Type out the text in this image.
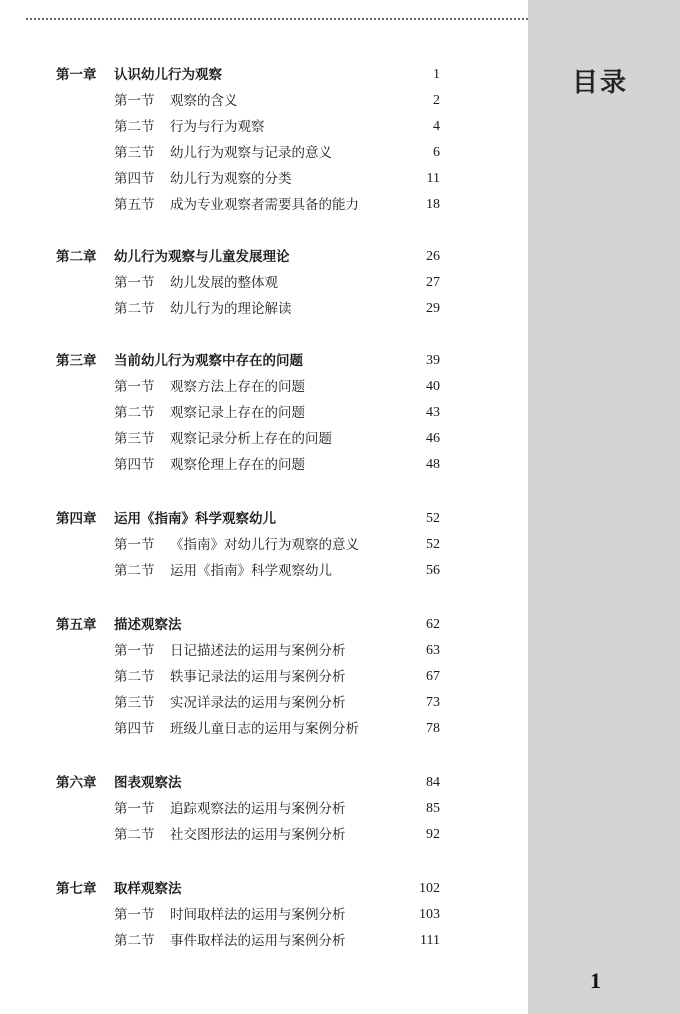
目录
第一章 认识幼儿行为观察	1
第一节 观察的含义	2
第二节 行为与行为观察	4
第三节 幼儿行为观察与记录的意义	6
第四节 幼儿行为观察的分类	11
第五节 成为专业观察者需要具备的能力	18
第二章 幼儿行为观察与儿童发展理论	26
第一节 幼儿发展的整体观	27
第二节 幼儿行为的理论解读	29
第三章 当前幼儿行为观察中存在的问题	39
第一节 观察方法上存在的问题	40
第二节 观察记录上存在的问题	43
第三节 观察记录分析上存在的问题	46
第四节 观察伦理上存在的问题	48
第四章 运用《指南》科学观察幼儿	52
第一节 《指南》对幼儿行为观察的意义	52
第二节 运用《指南》科学观察幼儿	56
第五章 描述观察法	62
第一节 日记描述法的运用与案例分析	63
第二节 轶事记录法的运用与案例分析	67
第三节 实况详录法的运用与案例分析	73
第四节 班级儿童日志的运用与案例分析	78
第六章 图表观察法	84
第一节 追踪观察法的运用与案例分析	85
第二节 社交图形法的运用与案例分析	92
第七章 取样观察法	102
第一节 时间取样法的运用与案例分析	103
第二节 事件取样法的运用与案例分析	111
1
